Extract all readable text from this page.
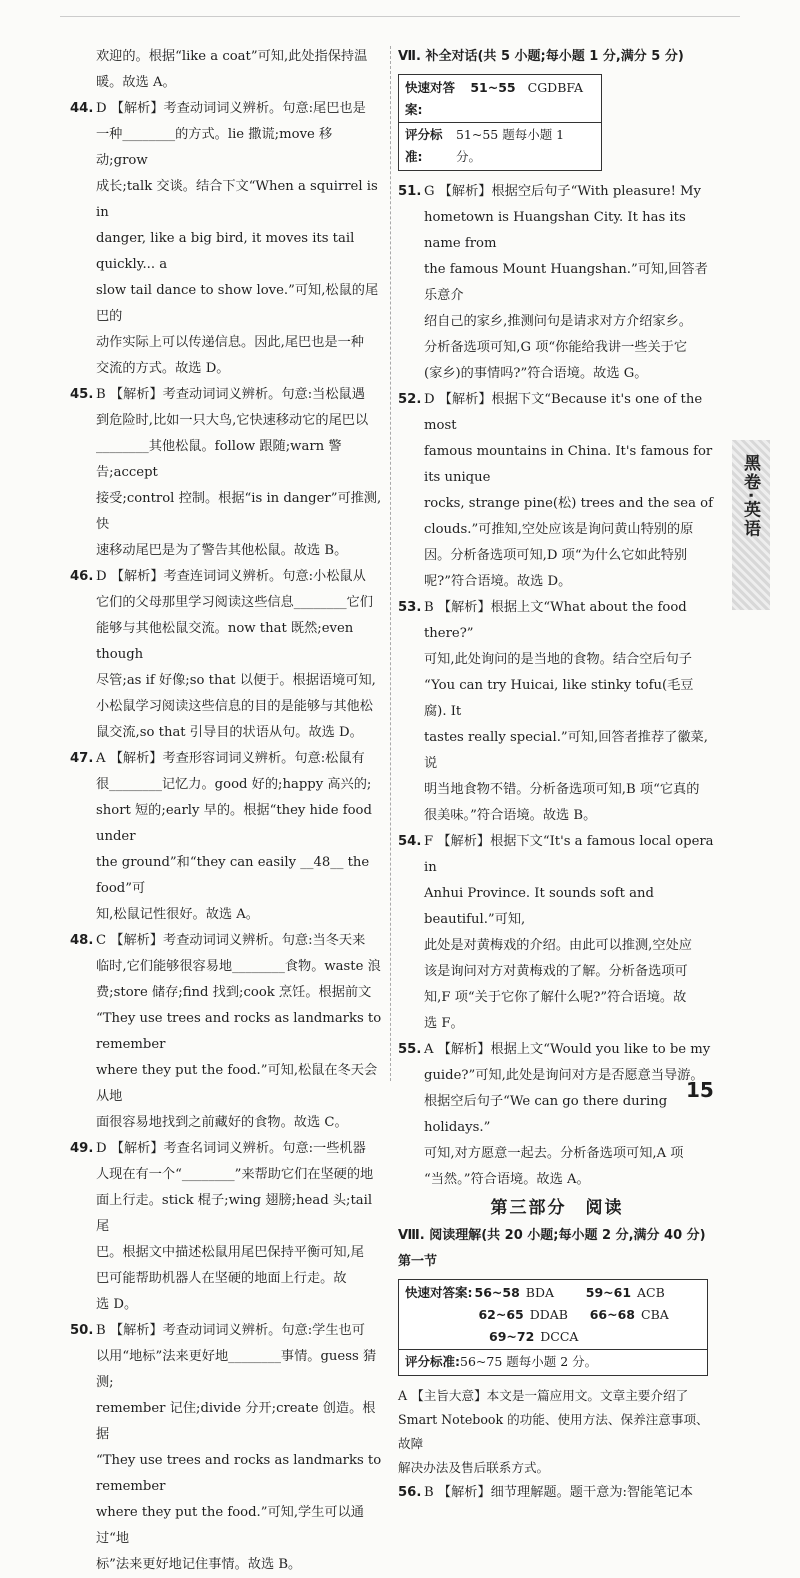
欢迎的。根据“like a coat”可知,此处指保持温
暖。故选 A。
44. D 【解析】考查动词词义辨析。句意:尾巴也是
一种________的方式。lie 撒谎;move 移动;grow
成长;talk 交谈。结合下文“When a squirrel is in
danger, like a big bird, it moves its tail quickly... a
slow tail dance to show love.”可知,松鼠的尾巴的
动作实际上可以传递信息。因此,尾巴也是一种
交流的方式。故选 D。
45. B 【解析】考查动词词义辨析。句意:当松鼠遇
到危险时,比如一只大鸟,它快速移动它的尾巴以
________其他松鼠。follow 跟随;warn 警告;accept
接受;control 控制。根据“is in danger”可推测,快
速移动尾巴是为了警告其他松鼠。故选 B。
46. D 【解析】考查连词词义辨析。句意:小松鼠从
它们的父母那里学习阅读这些信息________它们
能够与其他松鼠交流。now that 既然;even though
尽管;as if 好像;so that 以便于。根据语境可知,
小松鼠学习阅读这些信息的目的是能够与其他松
鼠交流,so that 引导目的状语从句。故选 D。
47. A 【解析】考查形容词词义辨析。句意:松鼠有
很________记忆力。good 好的;happy 高兴的;
short 短的;early 早的。根据“they hide food under
the ground”和“they can easily __48__ the food”可
知,松鼠记性很好。故选 A。
48. C 【解析】考查动词词义辨析。句意:当冬天来
临时,它们能够很容易地________食物。waste 浪
费;store 储存;find 找到;cook 烹饪。根据前文
“They use trees and rocks as landmarks to remember
where they put the food.”可知,松鼠在冬天会从地
面很容易地找到之前藏好的食物。故选 C。
49. D 【解析】考查名词词义辨析。句意:一些机器
人现在有一个“________”来帮助它们在坚硬的地
面上行走。stick 棍子;wing 翅膀;head 头;tail 尾
巴。根据文中描述松鼠用尾巴保持平衡可知,尾
巴可能帮助机器人在坚硬的地面上行走。故
选 D。
50. B 【解析】考查动词词义辨析。句意:学生也可
以用“地标”法来更好地________事情。guess 猜测;
remember 记住;divide 分开;create 创造。根据
“They use trees and rocks as landmarks to remember
where they put the food.”可知,学生可以通过“地
标”法来更好地记住事情。故选 B。
Ⅶ. 补全对话(共 5 小题;每小题 1 分,满分 5 分)
快速对答案:
51~55 CGDBFA
评分标准:
51~55 题每小题 1 分。
51. G 【解析】根据空后句子“With pleasure! My
hometown is Huangshan City. It has its name from
the famous Mount Huangshan.”可知,回答者乐意介
绍自己的家乡,推测问句是请求对方介绍家乡。
分析备选项可知,G 项“你能给我讲一些关于它
(家乡)的事情吗?”符合语境。故选 G。
52. D 【解析】根据下文“Because it's one of the most
famous mountains in China. It's famous for its unique
rocks, strange pine(松) trees and the sea of
clouds.”可推知,空处应该是询问黄山特别的原
因。分析备选项可知,D 项“为什么它如此特别
呢?”符合语境。故选 D。
53. B 【解析】根据上文“What about the food there?”
可知,此处询问的是当地的食物。结合空后句子
“You can try Huicai, like stinky tofu(毛豆腐). It
tastes really special.”可知,回答者推荐了徽菜,说
明当地食物不错。分析备选项可知,B 项“它真的
很美味。”符合语境。故选 B。
54. F 【解析】根据下文“It's a famous local opera in
Anhui Province. It sounds soft and beautiful.”可知,
此处是对黄梅戏的介绍。由此可以推测,空处应
该是询问对方对黄梅戏的了解。分析备选项可
知,F 项“关于它你了解什么呢?”符合语境。故
选 F。
55. A 【解析】根据上文“Would you like to be my
guide?”可知,此处是询问对方是否愿意当导游。
根据空后句子“We can go there during holidays.”
可知,对方愿意一起去。分析备选项可知,A 项
“当然。”符合语境。故选 A。
第三部分　阅读
Ⅷ. 阅读理解(共 20 小题;每小题 2 分,满分 40 分)
第一节
快速对答案: 56~58 BDA	59~61 ACB
62~65 DDAB	66~68 CBA
69~72 DCCA
评分标准: 56~75 题每小题 2 分。
A 【主旨大意】本文是一篇应用文。文章主要介绍了
Smart Notebook 的功能、使用方法、保养注意事项、故障
解决办法及售后联系方式。
56. B 【解析】细节理解题。题干意为:智能笔记本
黑卷·英语
15
